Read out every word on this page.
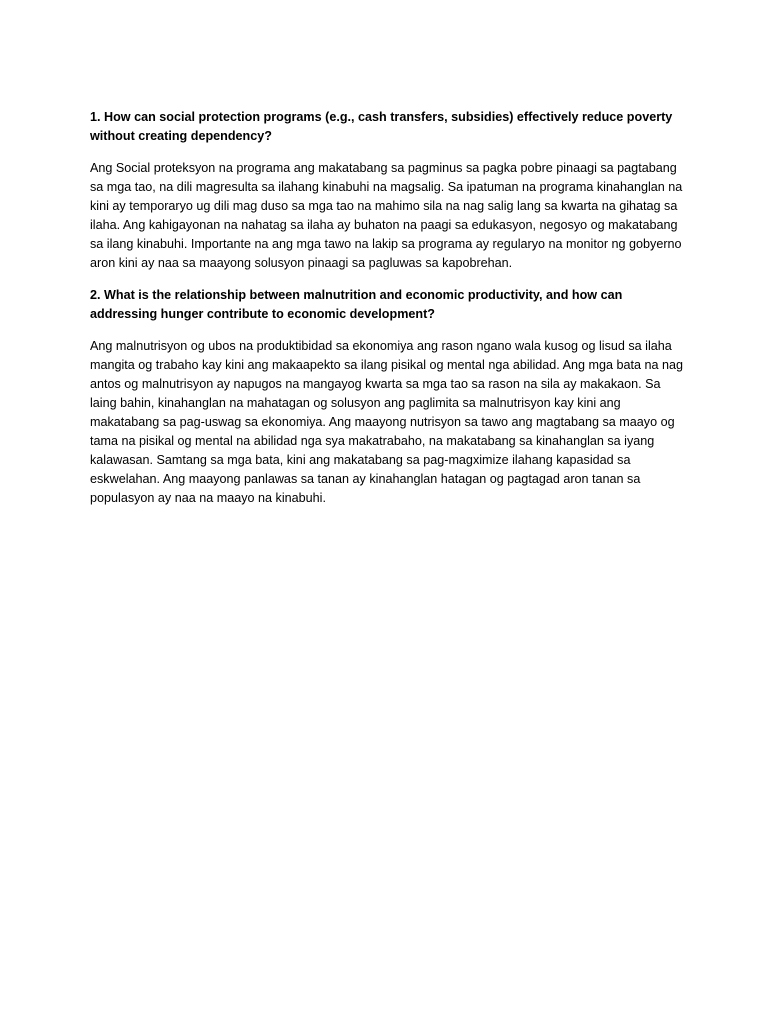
1. How can social protection programs (e.g., cash transfers, subsidies) effectively reduce poverty without creating dependency?

Ang Social proteksyon na programa ang makatabang sa pagminus sa pagka pobre pinaagi sa pagtabang sa mga tao, na dili magresulta sa ilahang kinabuhi na magsalig. Sa ipatuman na programa kinahanglan na kini ay temporaryo ug dili mag duso sa mga tao na mahimo sila na nag salig lang sa kwarta na gihatag sa ilaha. Ang kahigayonan na nahatag sa ilaha ay buhaton na paagi sa edukasyon, negosyo og makatabang sa ilang kinabuhi. Importante na ang mga tawo na lakip sa programa ay regularyo na monitor ng gobyerno aron kini ay naa sa maayong solusyon pinaagi sa pagluwas sa kapobrehan.

2. What is the relationship between malnutrition and economic productivity, and how can addressing hunger contribute to economic development?

Ang malnutrisyon og ubos na produktibidad sa ekonomiya ang rason ngano wala kusog og lisud sa ilaha mangita og trabaho kay kini ang makaapekto sa ilang pisikal og mental nga abilidad. Ang mga bata na nag antos og malnutrisyon ay napugos na mangayog kwarta sa mga tao sa rason na sila ay makakaon. Sa laing bahin, kinahanglan na mahatagan og solusyon ang paglimita sa malnutrisyon kay kini ang makatabang sa pag-uswag sa ekonomiya. Ang maayong nutrisyon sa tawo ang magtabang sa maayo og tama na pisikal og mental na abilidad nga sya makatrabaho, na makatabang sa kinahanglan sa iyang kalawasan. Samtang sa mga bata, kini ang makatabang sa pag-magximize ilahang kapasidad sa eskwelahan. Ang maayong panlawas sa tanan ay kinahanglan hatagan og pagtagad aron tanan sa populasyon ay naa na maayo na kinabuhi.
